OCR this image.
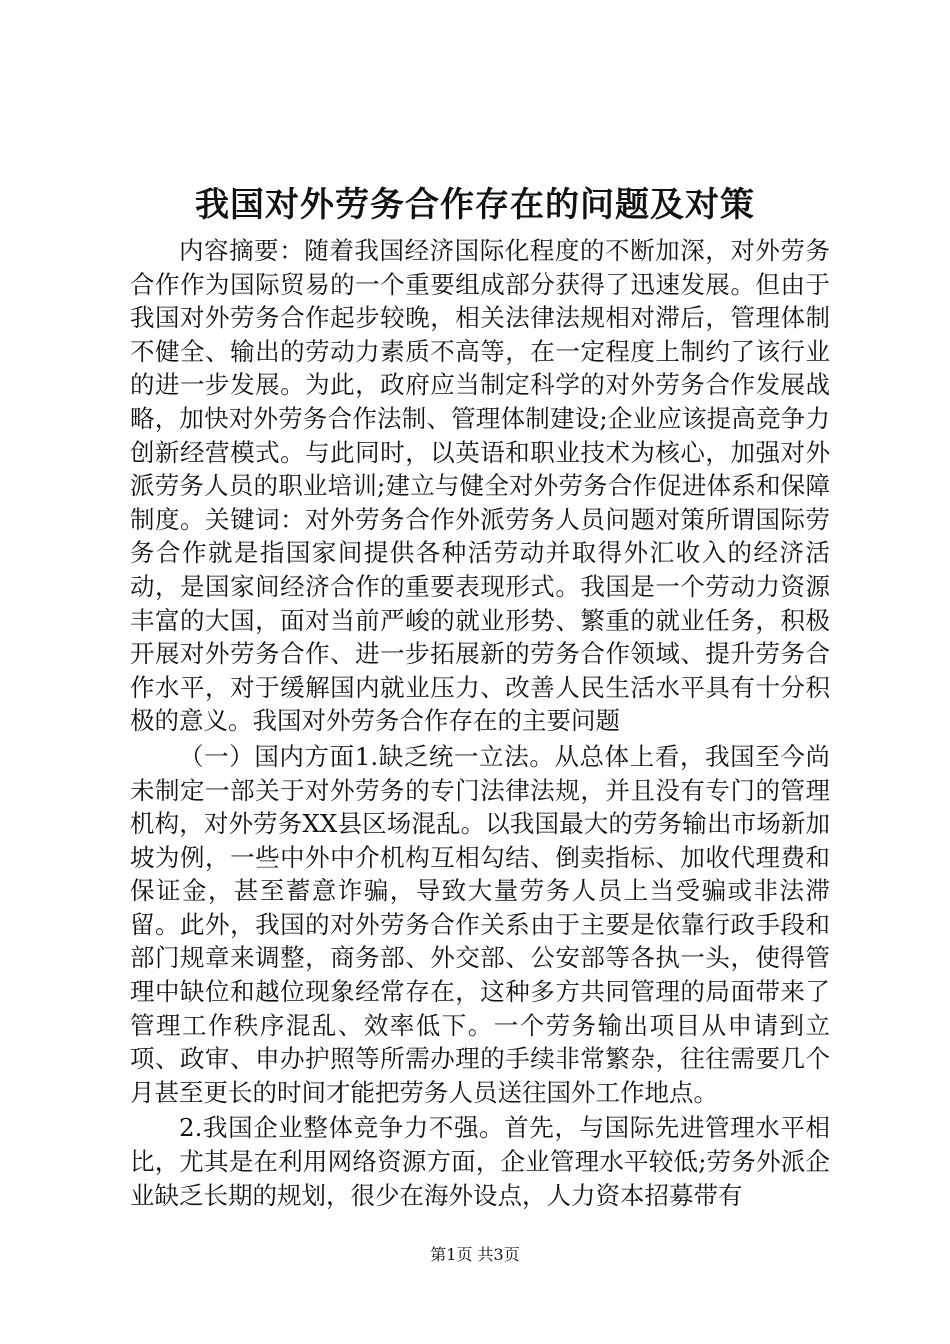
我国对外劳务合作存在的问题及对策

内容摘要：随着我国经济国际化程度的不断加深，对外劳务合作作为国际贸易的一个重要组成部分获得了迅速发展。但由于我国对外劳务合作起步较晚，相关法律法规相对滞后，管理体制不健全、输出的劳动力素质不高等，在一定程度上制约了该行业的进一步发展。为此，政府应当制定科学的对外劳务合作发展战略，加快对外劳务合作法制、管理体制建设;企业应该提高竞争力创新经营模式。与此同时，以英语和职业技术为核心，加强对外派劳务人员的职业培训;建立与健全对外劳务合作促进体系和保障制度。关键词：对外劳务合作外派劳务人员问题对策所谓国际劳务合作就是指国家间提供各种活劳动并取得外汇收入的经济活动，是国家间经济合作的重要表现形式。我国是一个劳动力资源丰富的大国，面对当前严峻的就业形势、繁重的就业任务，积极开展对外劳务合作、进一步拓展新的劳务合作领域、提升劳务合作水平，对于缓解国内就业压力、改善人民生活水平具有十分积极的意义。我国对外劳务合作存在的主要问题

（一）国内方面1.缺乏统一立法。从总体上看，我国至今尚未制定一部关于对外劳务的专门法律法规，并且没有专门的管理机构，对外劳务XX县区场混乱。以我国最大的劳务输出市场新加坡为例，一些中外中介机构互相勾结、倒卖指标、加收代理费和保证金，甚至蓄意诈骗，导致大量劳务人员上当受骗或非法滞留。此外，我国的对外劳务合作关系由于主要是依靠行政手段和部门规章来调整，商务部、外交部、公安部等各执一头，使得管理中缺位和越位现象经常存在，这种多方共同管理的局面带来了管理工作秩序混乱、效率低下。一个劳务输出项目从申请到立项、政审、申办护照等所需办理的手续非常繁杂，往往需要几个月甚至更长的时间才能把劳务人员送往国外工作地点。

2.我国企业整体竞争力不强。首先，与国际先进管理水平相比，尤其是在利用网络资源方面，企业管理水平较低;劳务外派企业缺乏长期的规划，很少在海外设点，人力资本招募带有

第1页 共3页
